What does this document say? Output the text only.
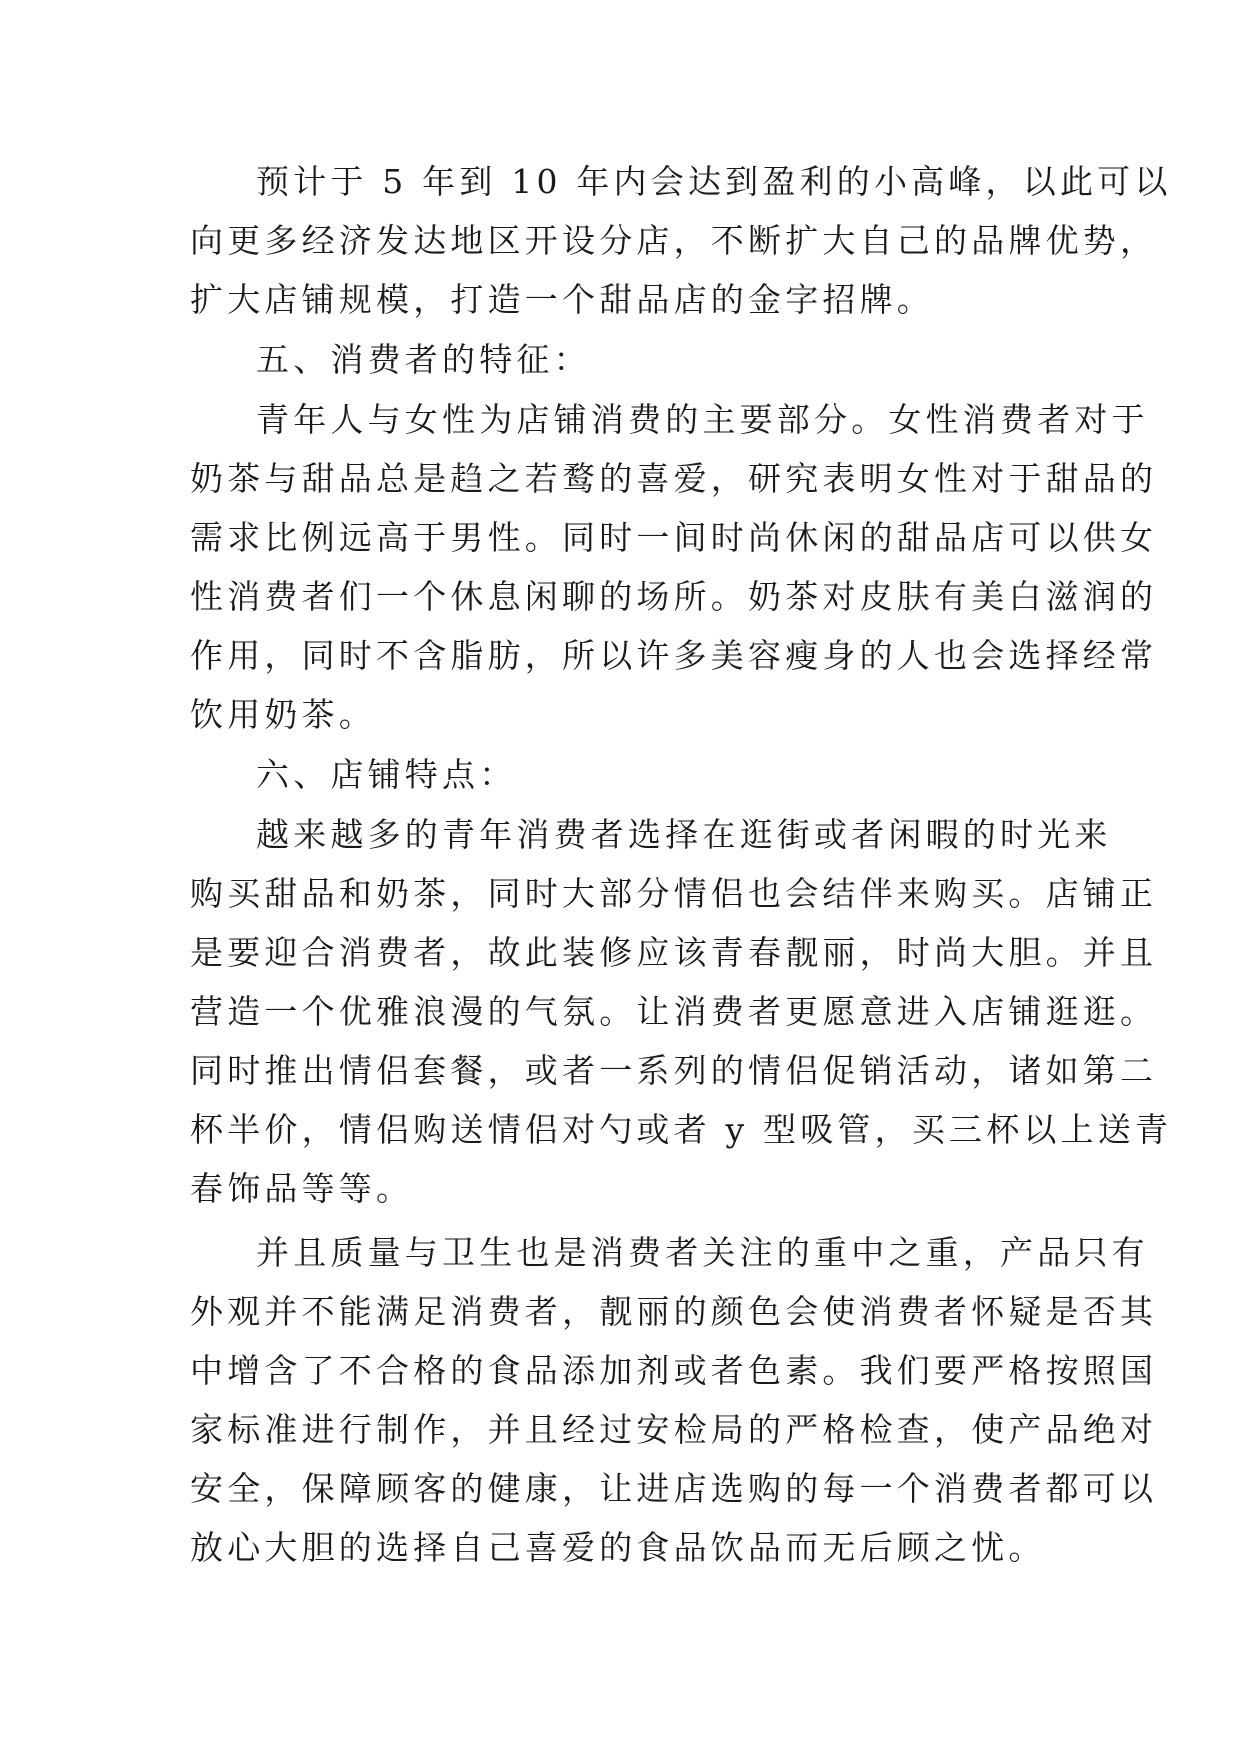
预计于 5 年到 10 年内会达到盈利的小高峰，以此可以
向更多经济发达地区开设分店，不断扩大自己的品牌优势，
扩大店铺规模，打造一个甜品店的金字招牌。
五、消费者的特征：
青年人与女性为店铺消费的主要部分。女性消费者对于
奶茶与甜品总是趋之若鹜的喜爱，研究表明女性对于甜品的
需求比例远高于男性。同时一间时尚休闲的甜品店可以供女
性消费者们一个休息闲聊的场所。奶茶对皮肤有美白滋润的
作用，同时不含脂肪，所以许多美容瘦身的人也会选择经常
饮用奶茶。
六、店铺特点：
越来越多的青年消费者选择在逛街或者闲暇的时光来
购买甜品和奶茶，同时大部分情侣也会结伴来购买。店铺正
是要迎合消费者，故此装修应该青春靓丽，时尚大胆。并且
营造一个优雅浪漫的气氛。让消费者更愿意进入店铺逛逛。
同时推出情侣套餐，或者一系列的情侣促销活动，诸如第二
杯半价，情侣购送情侣对勺或者 y 型吸管，买三杯以上送青
春饰品等等。
并且质量与卫生也是消费者关注的重中之重，产品只有
外观并不能满足消费者，靓丽的颜色会使消费者怀疑是否其
中增含了不合格的食品添加剂或者色素。我们要严格按照国
家标准进行制作，并且经过安检局的严格检查，使产品绝对
安全，保障顾客的健康，让进店选购的每一个消费者都可以
放心大胆的选择自己喜爱的食品饮品而无后顾之忧。
